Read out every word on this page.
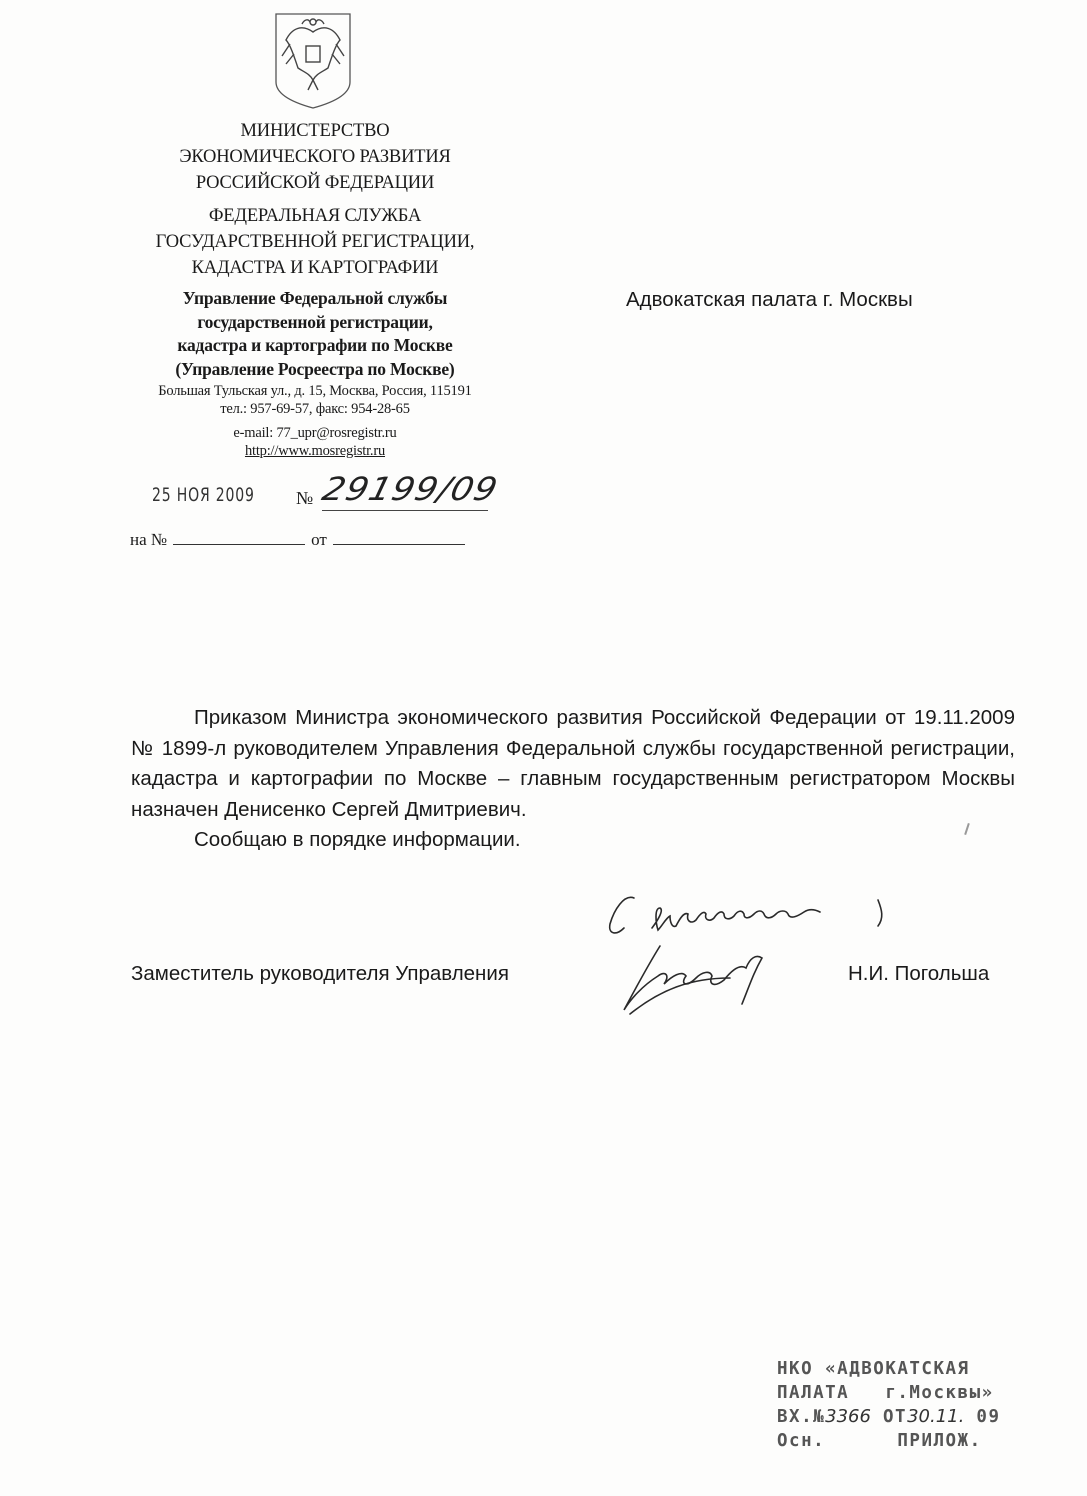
МИНИСТЕРСТВО
ЭКОНОМИЧЕСКОГО РАЗВИТИЯ
РОССИЙСКОЙ ФЕДЕРАЦИИ
ФЕДЕРАЛЬНАЯ СЛУЖБА
ГОСУДАРСТВЕННОЙ РЕГИСТРАЦИИ,
КАДАСТРА И КАРТОГРАФИИ
Управление Федеральной службы
государственной регистрации,
кадастра и картографии по Москве
(Управление Росреестра по Москве)
Большая Тульская ул., д. 15, Москва, Россия, 115191
тел.: 957-69-57, факс: 954-28-65
e-mail: 77_upr@rosregistr.ru
http://www.mosregistr.ru
25 НОЯ 2009 № 29199/09
на №	от
Адвокатская палата г. Москвы

Приказом Министра экономического развития Российской Федерации от 19.11.2009 № 1899-л руководителем Управления Федеральной службы государственной регистрации, кадастра и картографии по Москве – главным государственным регистратором Москвы назначен Денисенко Сергей Дмитриевич.

Сообщаю в порядке информации.

Заместитель руководителя Управления	Н.И. Погольша
НКО «АДВОКАТСКАЯ
ПАЛАТА г.Москвы»
ВХ.№3366 ОТ30.11. 09
Осн.	ПРИЛОЖ.
